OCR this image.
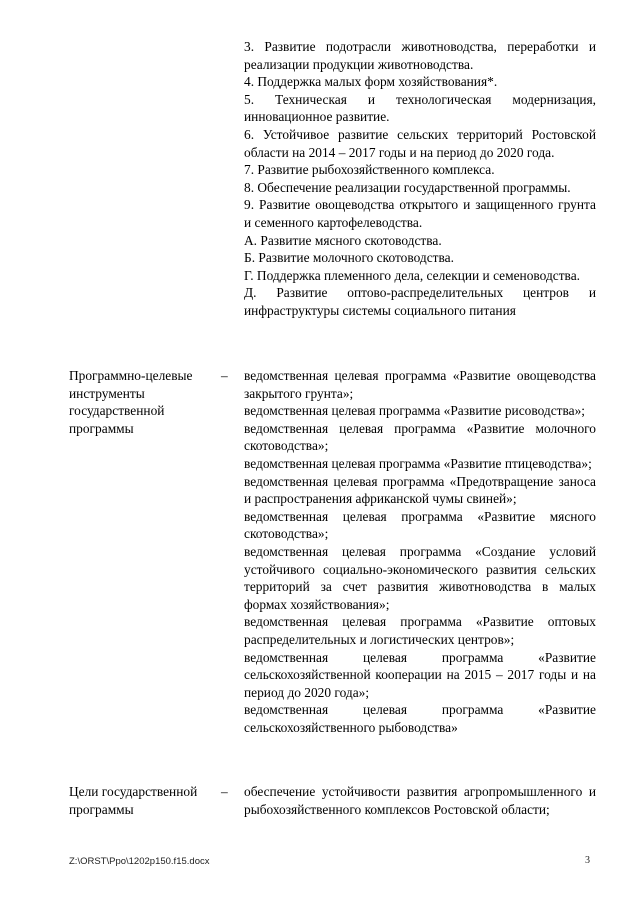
3. Развитие подотрасли животноводства, переработки и реализации продукции животноводства.

4. Поддержка малых форм хозяйствования*.

5. Техническая и технологическая модернизация, инновационное развитие.

6. Устойчивое развитие сельских территорий Ростовской области на 2014 – 2017 годы и на период до 2020 года.

7. Развитие рыбохозяйственного комплекса.

8. Обеспечение реализации государственной программы.

9. Развитие овощеводства открытого и защищенного грунта и семенного картофелеводства.

А. Развитие мясного скотоводства.

Б. Развитие молочного скотоводства.

Г. Поддержка племенного дела, селекции и семеноводства.

Д. Развитие оптово-распределительных центров и инфраструктуры системы социального питания

Программно-целевые инструменты государственной программы
– ведомственная целевая программа «Развитие овощеводства закрытого грунта»;

ведомственная целевая программа «Развитие рисоводства»;

ведомственная целевая программа «Развитие молочного скотоводства»;

ведомственная целевая программа «Развитие птицеводства»;

ведомственная целевая программа «Предотвращение заноса и распространения африканской чумы свиней»;

ведомственная целевая программа «Развитие мясного скотоводства»;

ведомственная целевая программа «Создание условий устойчивого социально-экономического развития сельских территорий за счет развития животноводства в малых формах хозяйствования»;

ведомственная целевая программа «Развитие оптовых распределительных и логистических центров»;

ведомственная целевая программа «Развитие сельскохозяйственной кооперации на 2015 – 2017 годы и на период до 2020 года»;

ведомственная целевая программа «Развитие сельскохозяйственного рыбоводства»

Цели государственной программы
– обеспечение устойчивости развития агропромышленного и рыбохозяйственного комплексов Ростовской области;

Z:\ORST\Ppo\1202p150.f15.docx	3
